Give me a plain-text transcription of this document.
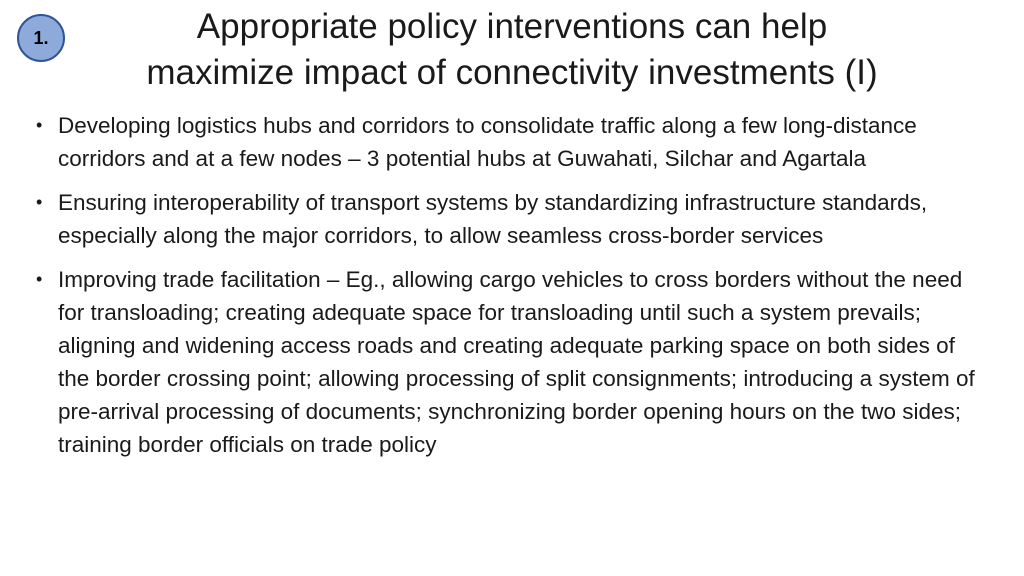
1.	Appropriate policy interventions can help
maximize impact of connectivity investments (I)
• Developing logistics hubs and corridors to consolidate traffic along a few long-distance corridors and at a few nodes – 3 potential hubs at Guwahati, Silchar and Agartala
• Ensuring interoperability of transport systems by standardizing infrastructure standards, especially along the major corridors, to allow seamless cross-border services
• Improving trade facilitation – Eg., allowing cargo vehicles to cross borders without the need for transloading; creating adequate space for transloading until such a system prevails; aligning and widening access roads and creating adequate parking space on both sides of the border crossing point; allowing processing of split consignments; introducing a system of pre-arrival processing of documents; synchronizing border opening hours on the two sides; training border officials on trade policy
